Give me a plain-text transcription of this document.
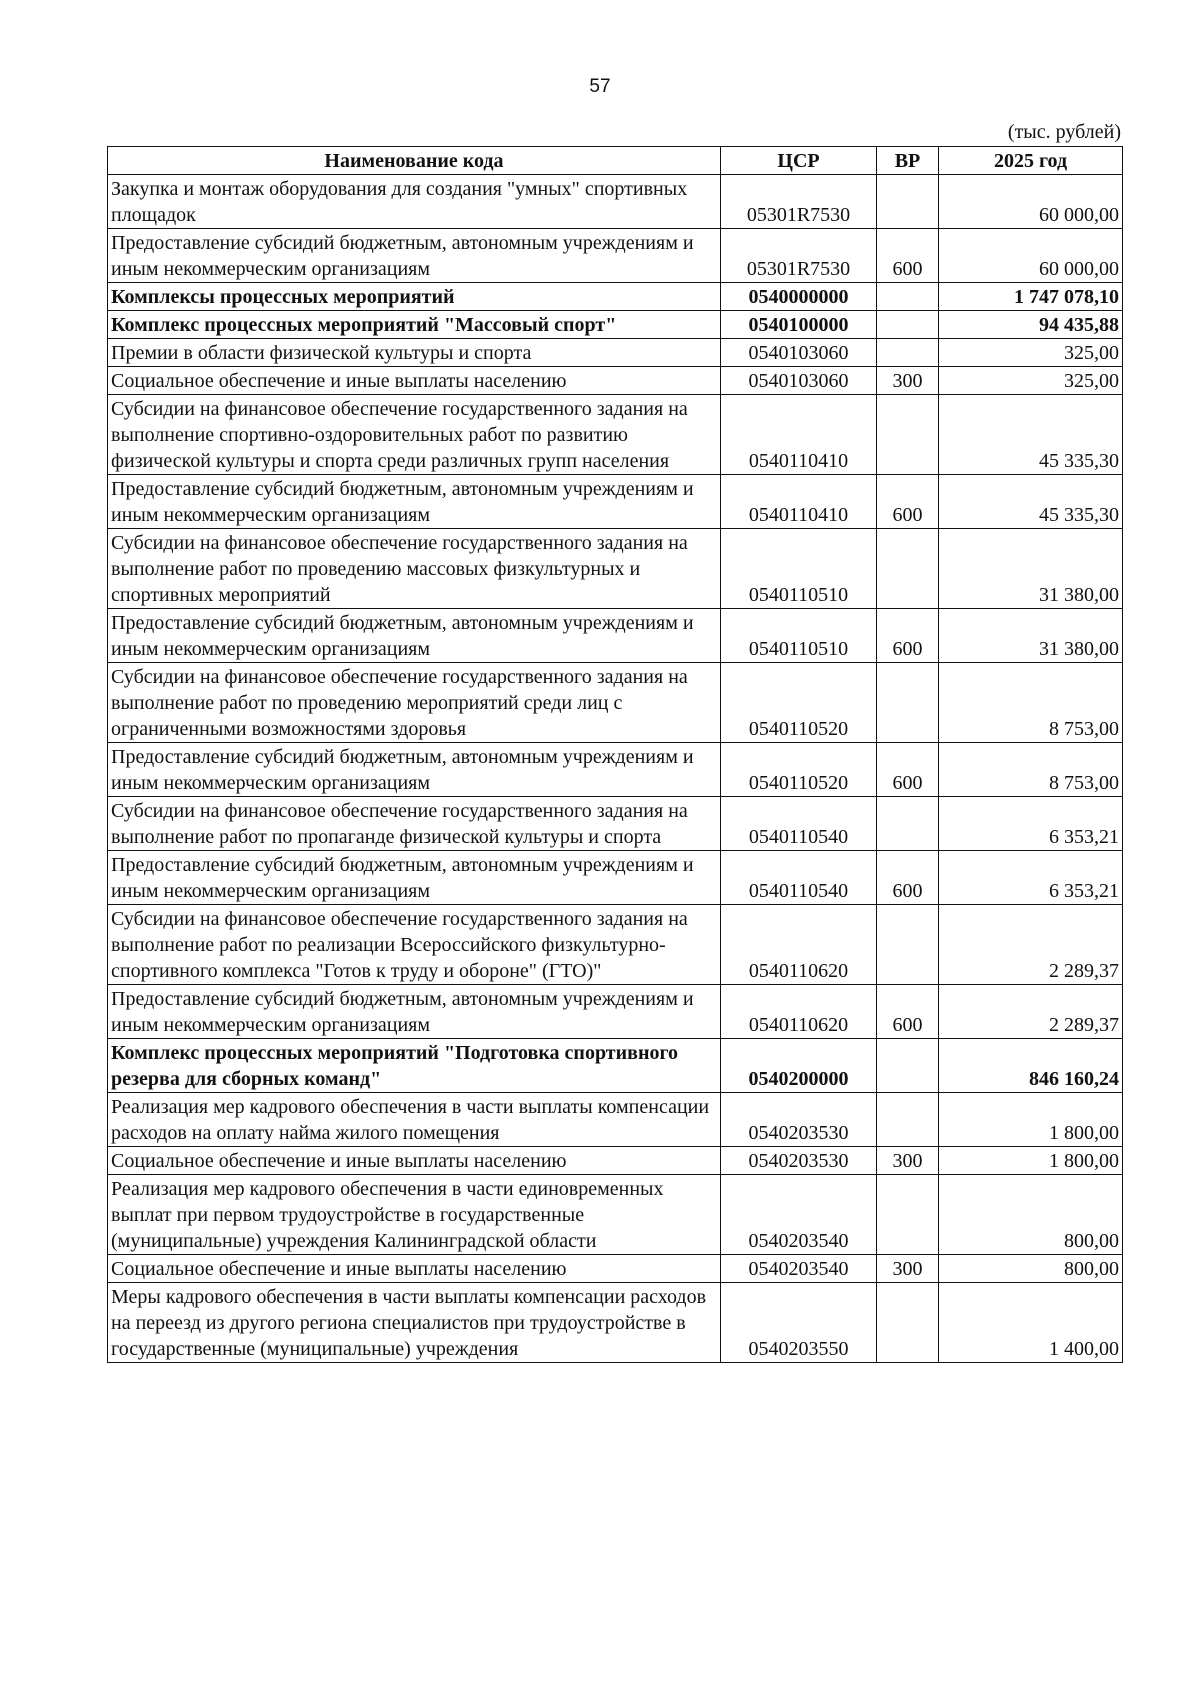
57
(тыс. рублей)
Наименование кода	ЦСР	ВР	2025 год
Закупка и монтаж оборудования для создания "умных" спортивных площадок	05301R7530		60 000,00
Предоставление субсидий бюджетным, автономным учреждениям и иным некоммерческим организациям	05301R7530	600	60 000,00
Комплексы процессных мероприятий	0540000000		1 747 078,10
Комплекс процессных мероприятий "Массовый спорт"	0540100000		94 435,88
Премии в области физической культуры и спорта	0540103060		325,00
Социальное обеспечение и иные выплаты населению	0540103060	300	325,00
Субсидии на финансовое обеспечение государственного задания на выполнение спортивно-оздоровительных работ по развитию физической культуры и спорта среди различных групп населения	0540110410		45 335,30
Предоставление субсидий бюджетным, автономным учреждениям и иным некоммерческим организациям	0540110410	600	45 335,30
Субсидии на финансовое обеспечение государственного задания на выполнение работ по проведению массовых физкультурных и спортивных мероприятий	0540110510		31 380,00
Предоставление субсидий бюджетным, автономным учреждениям и иным некоммерческим организациям	0540110510	600	31 380,00
Субсидии на финансовое обеспечение государственного задания на выполнение работ по проведению мероприятий среди лиц с ограниченными возможностями здоровья	0540110520		8 753,00
Предоставление субсидий бюджетным, автономным учреждениям и иным некоммерческим организациям	0540110520	600	8 753,00
Субсидии на финансовое обеспечение государственного задания на выполнение работ по пропаганде физической культуры и спорта	0540110540		6 353,21
Предоставление субсидий бюджетным, автономным учреждениям и иным некоммерческим организациям	0540110540	600	6 353,21
Субсидии на финансовое обеспечение государственного задания на выполнение работ по реализации Всероссийского физкультурно-спортивного комплекса "Готов к труду и обороне" (ГТО)"	0540110620		2 289,37
Предоставление субсидий бюджетным, автономным учреждениям и иным некоммерческим организациям	0540110620	600	2 289,37
Комплекс процессных мероприятий "Подготовка спортивного резерва для сборных команд"	0540200000		846 160,24
Реализация мер кадрового обеспечения в части выплаты компенсации расходов на оплату найма жилого помещения	0540203530		1 800,00
Социальное обеспечение и иные выплаты населению	0540203530	300	1 800,00
Реализация мер кадрового обеспечения в части единовременных выплат при первом трудоустройстве в государственные (муниципальные) учреждения Калининградской области	0540203540		800,00
Социальное обеспечение и иные выплаты населению	0540203540	300	800,00
Меры кадрового обеспечения в части выплаты компенсации расходов на переезд из другого региона специалистов при трудоустройстве в государственные (муниципальные) учреждения	0540203550		1 400,00
